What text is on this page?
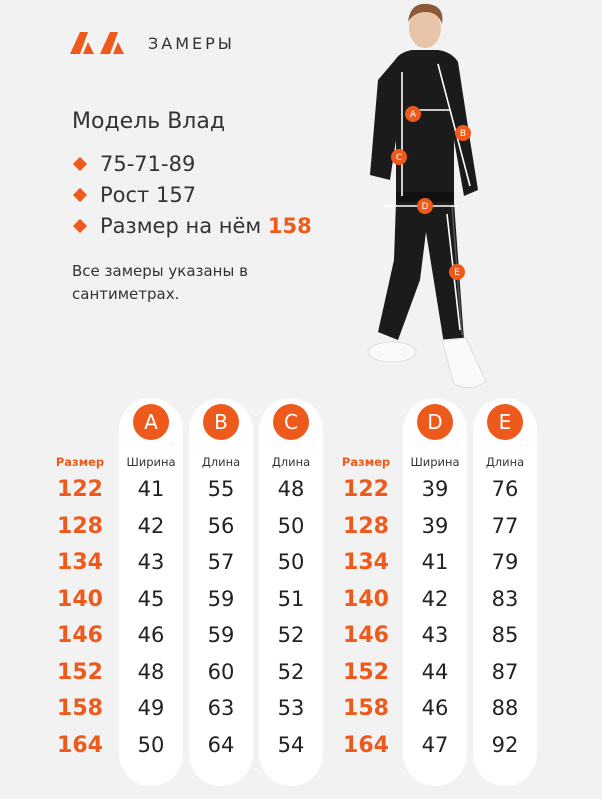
ЗАМЕРЫ
Модель Влад
75-71-89
Рост 157
Размер на нём 158
Все замеры указаны в сантиметрах.
A
B
C
D
E
A	B	C	D	E
Размер	Ширина	Длина	Длина	Размер	Ширина	Длина
122	41	55	48
128	42	56	50
134	43	57	50
140	45	59	51
146	46	59	52
152	48	60	52
158	49	63	53
164	50	64	54
122	39	76
128	39	77
134	41	79
140	42	83
146	43	85
152	44	87
158	46	88
164	47	92
